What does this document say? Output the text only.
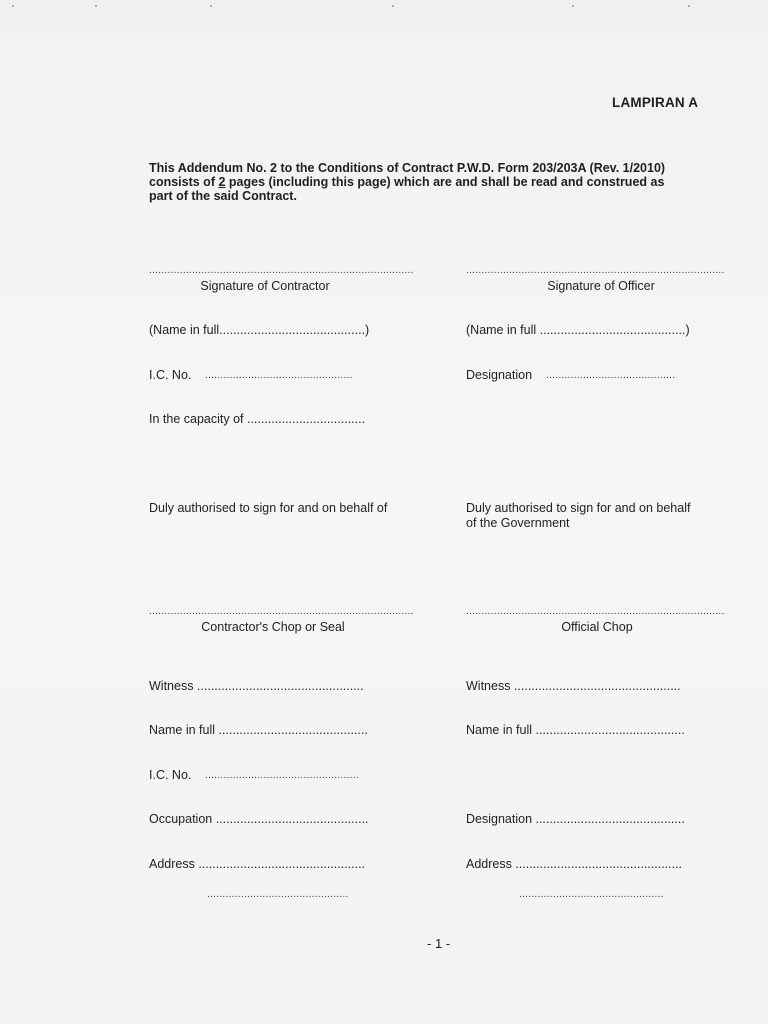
LAMPIRAN A
This Addendum No. 2 to the Conditions of Contract P.W.D. Form 203/203A (Rev. 1/2010)
consists of 2 pages (including this page) which are and shall be read and construed as
part of the said Contract.
......................................................................................	....................................................................................
Signature of Contractor	Signature of Officer
(Name in full..........................................)	(Name in full ..........................................)
I.C. No. ................................................	Designation ..........................................
In the capacity of ..................................
Duly authorised to sign for and on behalf of	Duly authorised to sign for and on behalf
of the Government
......................................................................................	....................................................................................
Contractor's Chop or Seal	Official Chop
Witness ................................................	Witness ................................................
Name in full ...........................................	Name in full ...........................................
I.C. No. ..................................................
Occupation ............................................	Designation ...........................................
Address ................................................	Address ................................................
..............................................	...............................................
- 1 -
